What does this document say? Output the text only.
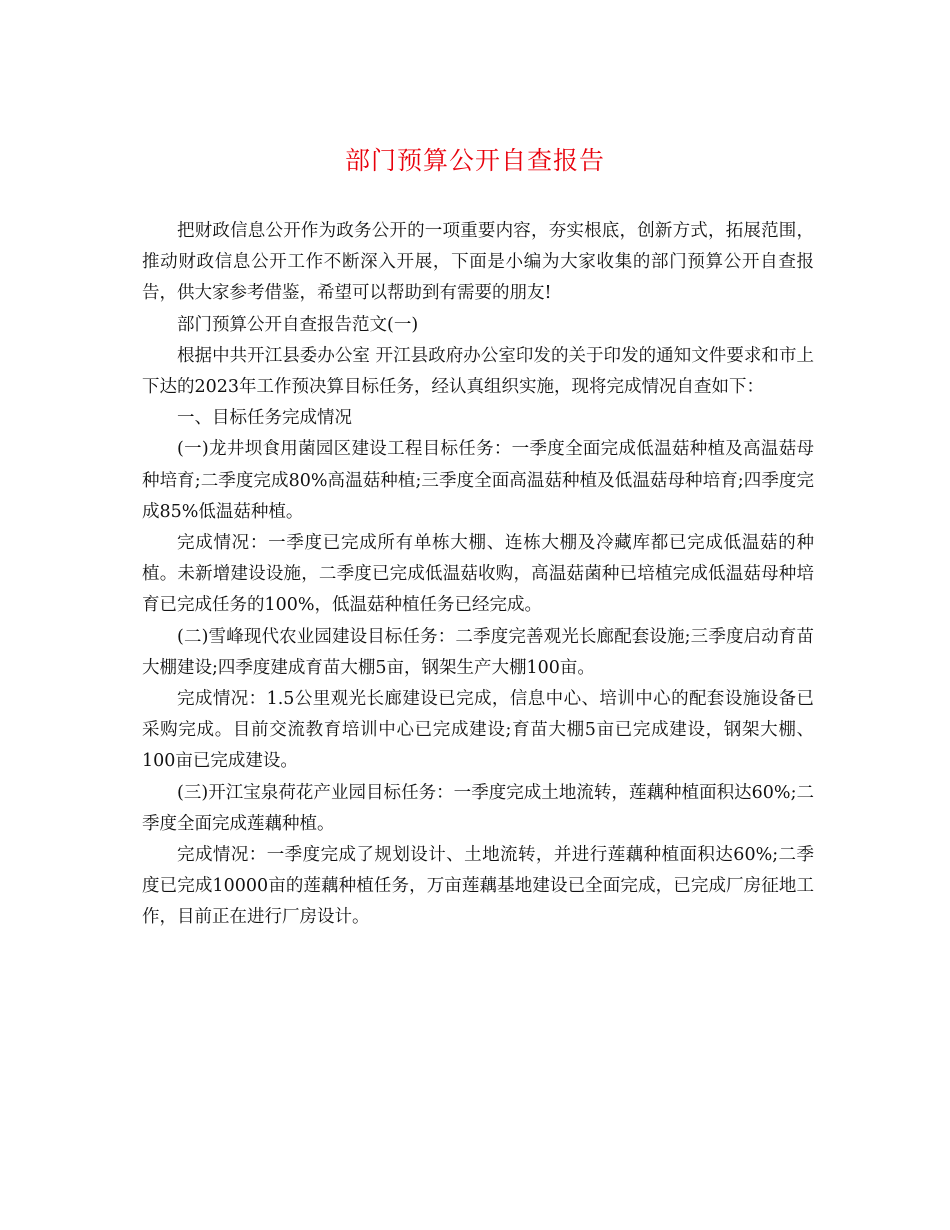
部门预算公开自查报告

把财政信息公开作为政务公开的一项重要内容，夯实根底，创新方式，拓展范围，推动财政信息公开工作不断深入开展，下面是小编为大家收集的部门预算公开自查报告，供大家参考借鉴，希望可以帮助到有需要的朋友!

部门预算公开自查报告范文(一)

根据中共开江县委办公室 开江县政府办公室印发的关于印发的通知文件要求和市上下达的2023年工作预决算目标任务，经认真组织实施，现将完成情况自查如下：

一、目标任务完成情况

(一)龙井坝食用菌园区建设工程目标任务：一季度全面完成低温菇种植及高温菇母种培育;二季度完成80%高温菇种植;三季度全面高温菇种植及低温菇母种培育;四季度完成85%低温菇种植。

完成情况：一季度已完成所有单栋大棚、连栋大棚及冷藏库都已完成低温菇的种植。未新增建设设施，二季度已完成低温菇收购，高温菇菌种已培植完成低温菇母种培育已完成任务的100%，低温菇种植任务已经完成。

(二)雪峰现代农业园建设目标任务：二季度完善观光长廊配套设施;三季度启动育苗大棚建设;四季度建成育苗大棚5亩，钢架生产大棚100亩。

完成情况：1.5公里观光长廊建设已完成，信息中心、培训中心的配套设施设备已采购完成。目前交流教育培训中心已完成建设;育苗大棚5亩已完成建设，钢架大棚、100亩已完成建设。

(三)开江宝泉荷花产业园目标任务：一季度完成土地流转，莲藕种植面积达60%;二季度全面完成莲藕种植。

完成情况：一季度完成了规划设计、土地流转，并进行莲藕种植面积达60%;二季度已完成10000亩的莲藕种植任务，万亩莲藕基地建设已全面完成，已完成厂房征地工作，目前正在进行厂房设计。
